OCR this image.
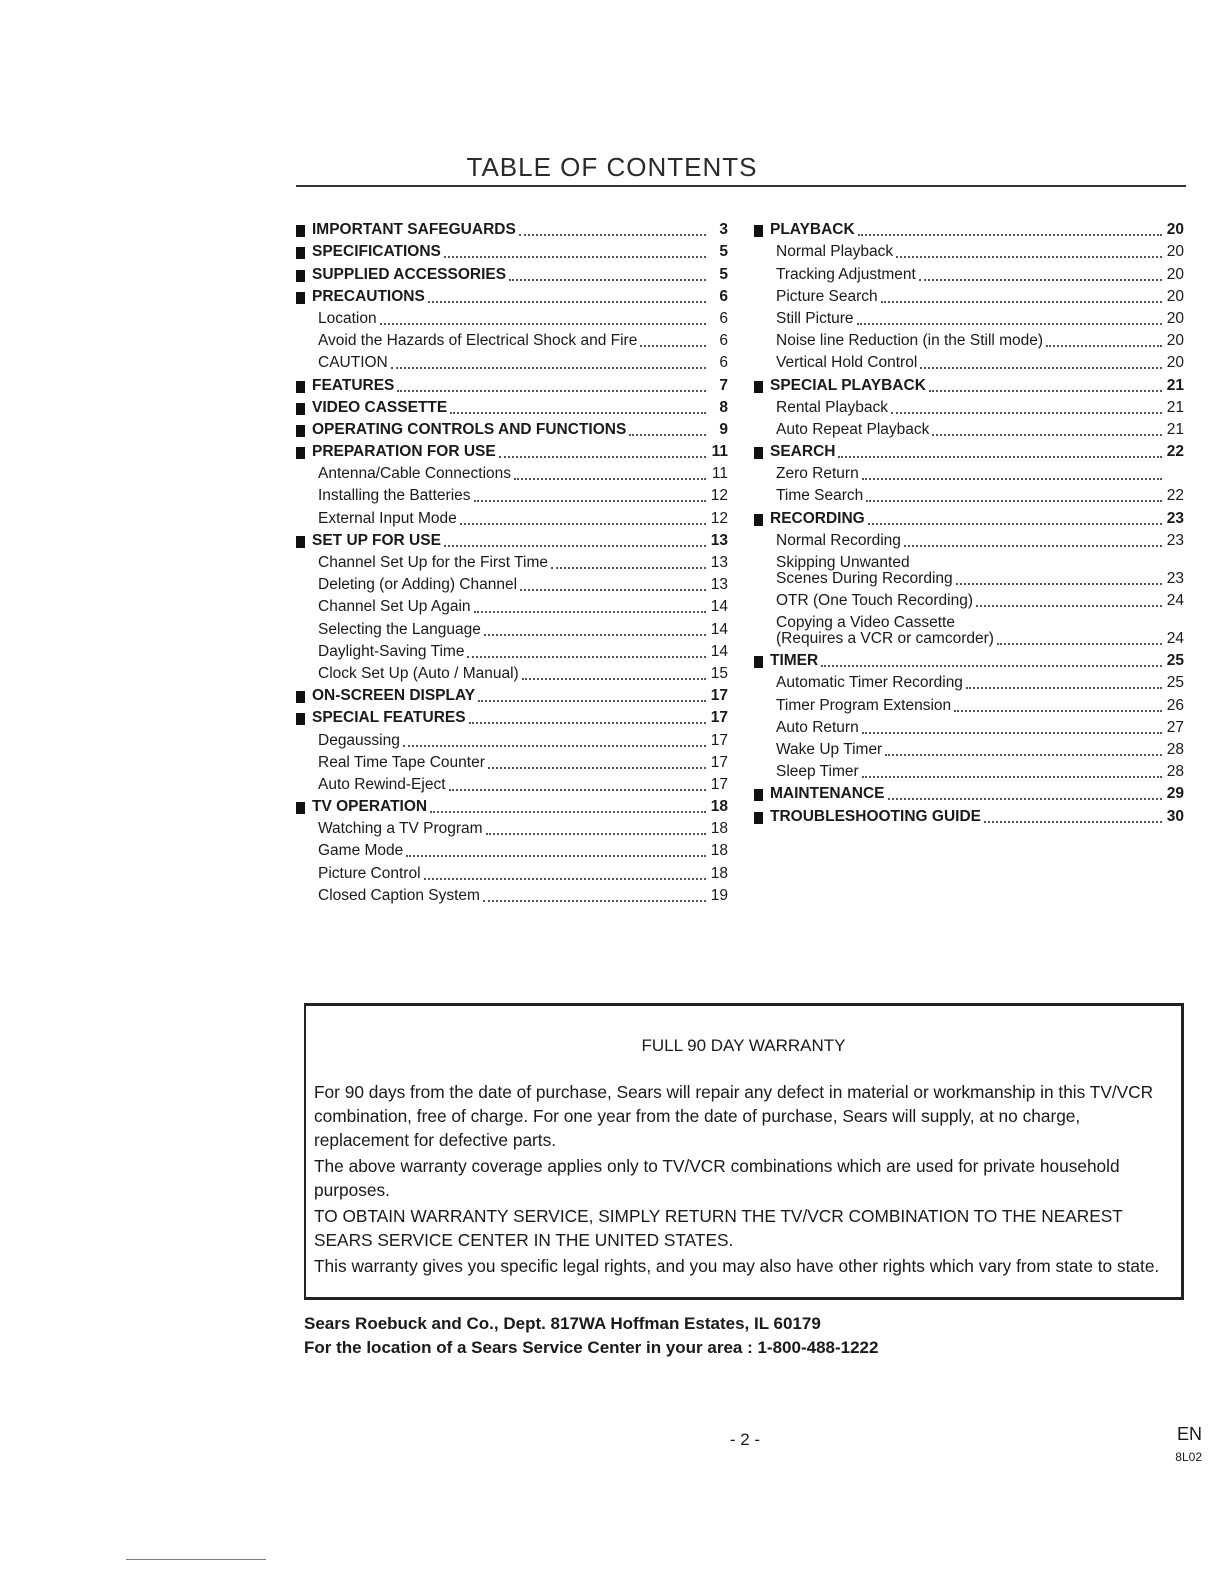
TABLE OF CONTENTS
IMPORTANT SAFEGUARDS	3
SPECIFICATIONS	5
SUPPLIED ACCESSORIES	5
PRECAUTIONS	6
Location	6
Avoid the Hazards of Electrical Shock and Fire	6
CAUTION	6
FEATURES	7
VIDEO CASSETTE	8
OPERATING CONTROLS AND FUNCTIONS	9
PREPARATION FOR USE	11
Antenna/Cable Connections	11
Installing the Batteries	12
External Input Mode	12
SET UP FOR USE	13
Channel Set Up for the First Time	13
Deleting (or Adding) Channel	13
Channel Set Up Again	14
Selecting the Language	14
Daylight-Saving Time	14
Clock Set Up (Auto / Manual)	15
ON-SCREEN DISPLAY	17
SPECIAL FEATURES	17
Degaussing	17
Real Time Tape Counter	17
Auto Rewind-Eject	17
TV OPERATION	18
Watching a TV Program	18
Game Mode	18
Picture Control	18
Closed Caption System	19
PLAYBACK	20
Normal Playback	20
Tracking Adjustment	20
Picture Search	20
Still Picture	20
Noise line Reduction (in the Still mode)	20
Vertical Hold Control	20
SPECIAL PLAYBACK	21
Rental Playback	21
Auto Repeat Playback	21
SEARCH	22
Zero Return
Time Search	22
RECORDING	23
Normal Recording	23
Skipping Unwanted
Scenes During Recording	23
OTR (One Touch Recording)	24
Copying a Video Cassette
(Requires a VCR or camcorder)	24
TIMER	25
Automatic Timer Recording	25
Timer Program Extension	26
Auto Return	27
Wake Up Timer	28
Sleep Timer	28
MAINTENANCE	29
TROUBLESHOOTING GUIDE	30
FULL 90 DAY WARRANTY

For 90 days from the date of purchase, Sears will repair any defect in material or workmanship in this TV/VCR combination, free of charge. For one year from the date of purchase, Sears will supply, at no charge, replacement for defective parts.

The above warranty coverage applies only to TV/VCR combinations which are used for private household purposes.

TO OBTAIN WARRANTY SERVICE, SIMPLY RETURN THE TV/VCR COMBINATION TO THE NEAREST SEARS SERVICE CENTER IN THE UNITED STATES.

This warranty gives you specific legal rights, and you may also have other rights which vary from state to state.

Sears Roebuck and Co., Dept. 817WA Hoffman Estates, IL 60179
For the location of a Sears Service Center in your area : 1-800-488-1222
- 2 -	EN
8L02
